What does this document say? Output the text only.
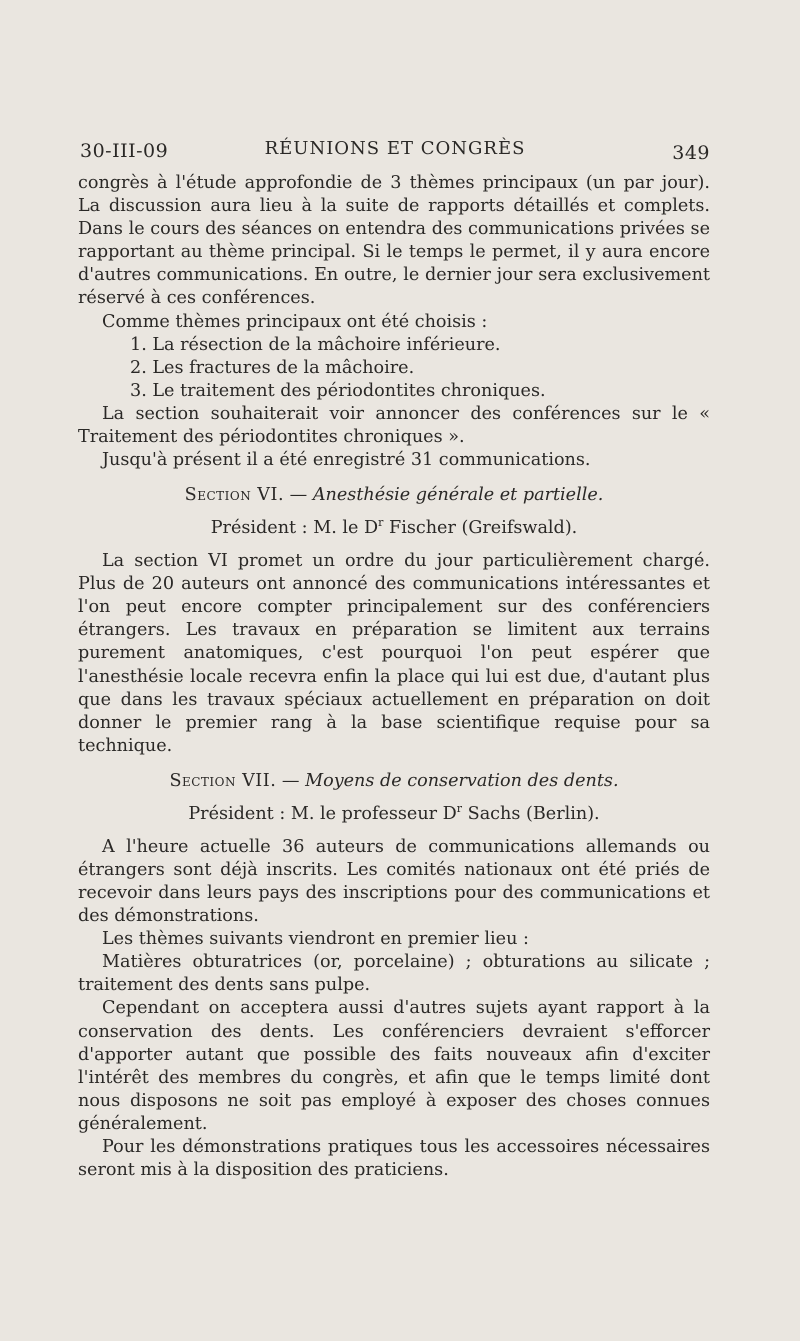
30-III-09	RÉUNIONS ET CONGRÈS	349

congrès à l'étude approfondie de 3 thèmes principaux (un par jour). La discussion aura lieu à la suite de rapports détaillés et complets. Dans le cours des séances on entendra des communications privées se rapportant au thème principal. Si le temps le permet, il y aura encore d'autres communications. En outre, le dernier jour sera exclusivement réservé à ces conférences.

Comme thèmes principaux ont été choisis :

1. La résection de la mâchoire inférieure.
2. Les fractures de la mâchoire.
3. Le traitement des périodontites chroniques.

La section souhaiterait voir annoncer des conférences sur le « Traitement des périodontites chroniques ».

Jusqu'à présent il a été enregistré 31 communications.

Section VI. — Anesthésie générale et partielle.
Président : M. le $D^r$ Fischer (Greifswald).

La section VI promet un ordre du jour particulièrement chargé. Plus de 20 auteurs ont annoncé des communications intéressantes et l'on peut encore compter principalement sur des conférenciers étrangers. Les travaux en préparation se limitent aux terrains purement anatomiques, c'est pourquoi l'on peut espérer que l'anesthésie locale recevra enfin la place qui lui est due, d'autant plus que dans les travaux spéciaux actuellement en préparation on doit donner le premier rang à la base scientifique requise pour sa technique.

Section VII. — Moyens de conservation des dents.
Président : M. le professeur $D^r$ Sachs (Berlin).

A l'heure actuelle 36 auteurs de communications allemands ou étrangers sont déjà inscrits. Les comités nationaux ont été priés de recevoir dans leurs pays des inscriptions pour des communications et des démonstrations.

Les thèmes suivants viendront en premier lieu :

Matières obturatrices (or, porcelaine) ; obturations au silicate ; traitement des dents sans pulpe.

Cependant on acceptera aussi d'autres sujets ayant rapport à la conservation des dents. Les conférenciers devraient s'efforcer d'apporter autant que possible des faits nouveaux afin d'exciter l'intérêt des membres du congrès, et afin que le temps limité dont nous disposons ne soit pas employé à exposer des choses connues généralement.

Pour les démonstrations pratiques tous les accessoires nécessaires seront mis à la disposition des praticiens.
